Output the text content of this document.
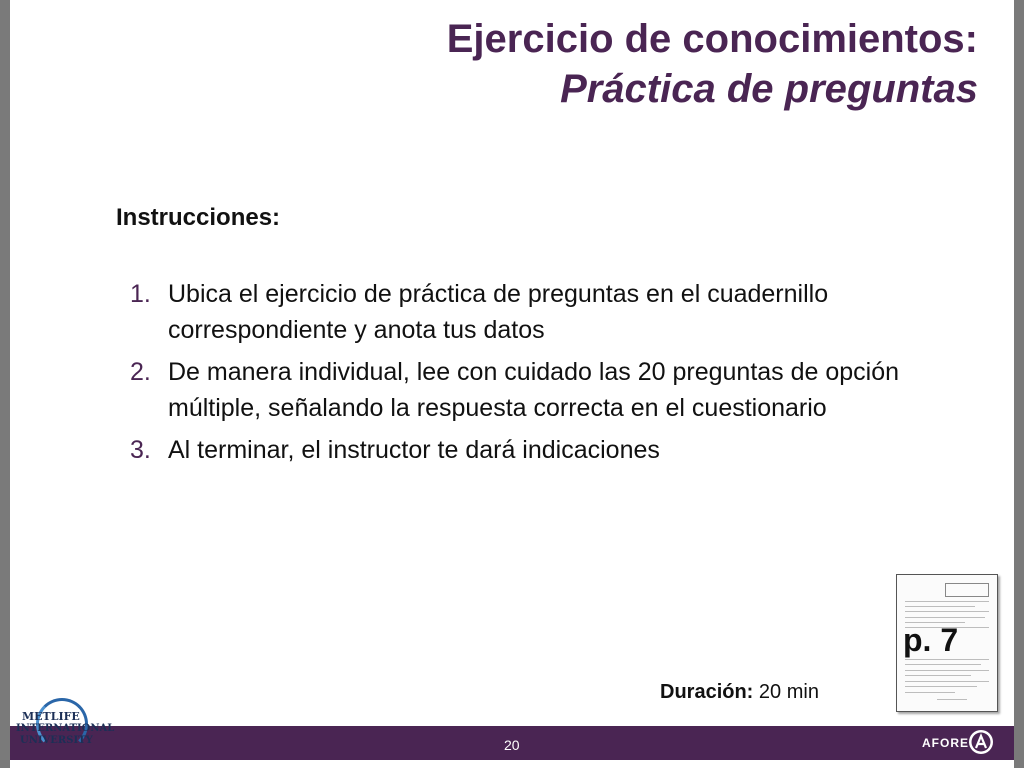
Ejercicio de conocimientos:
Práctica de preguntas
Instrucciones:
1. Ubica el ejercicio de práctica de preguntas en el cuadernillo correspondiente y anota tus datos
2. De manera individual, lee con cuidado las 20 preguntas de opción múltiple, señalando la respuesta correcta en el cuestionario
3. Al terminar, el instructor te dará indicaciones
p. 7
Duración: 20 min
20	AFORE
METLIFE
INTERNATIONAL
UNIVERSITY
